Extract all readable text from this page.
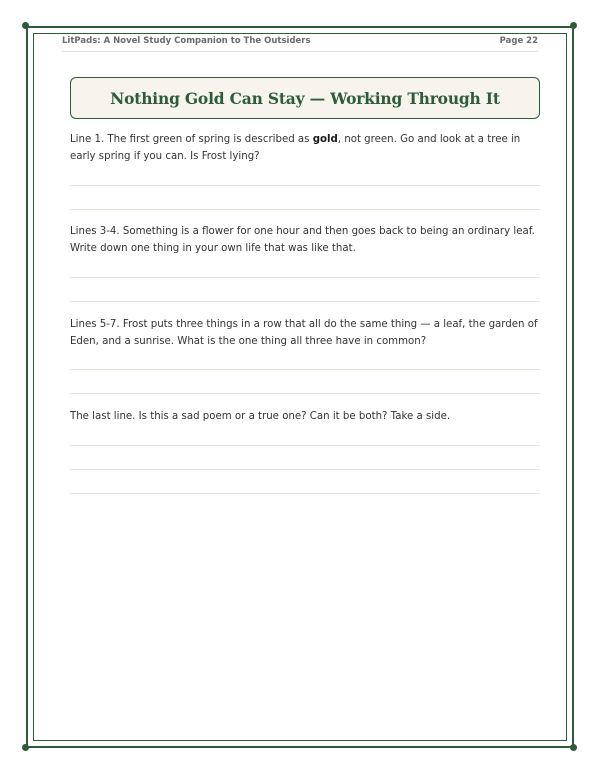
LitPads: A Novel Study Companion to The Outsiders	Page 22
Nothing Gold Can Stay — Working Through It
Line 1. The first green of spring is described as gold, not green. Go and look at a tree in early spring if you can. Is Frost lying?
Lines 3-4. Something is a flower for one hour and then goes back to being an ordinary leaf. Write down one thing in your own life that was like that.
Lines 5-7. Frost puts three things in a row that all do the same thing — a leaf, the garden of Eden, and a sunrise. What is the one thing all three have in common?
The last line. Is this a sad poem or a true one? Can it be both? Take a side.
